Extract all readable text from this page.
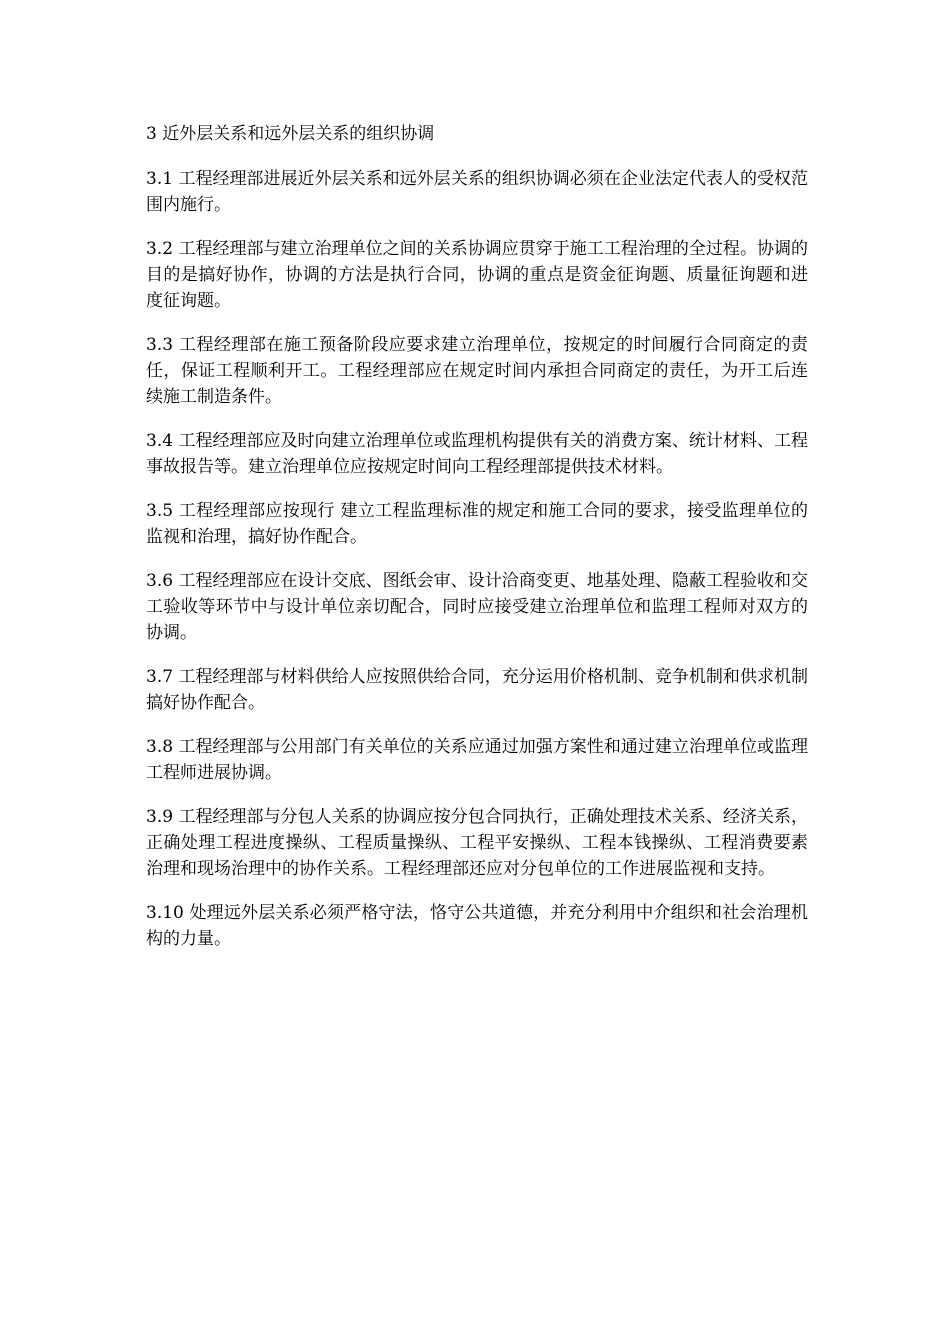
3 近外层关系和远外层关系的组织协调

3.1 工程经理部进展近外层关系和远外层关系的组织协调必须在企业法定代表人的受权范围内施行。

3.2 工程经理部与建立治理单位之间的关系协调应贯穿于施工工程治理的全过程。协调的目的是搞好协作，协调的方法是执行合同，协调的重点是资金征询题、质量征询题和进度征询题。

3.3 工程经理部在施工预备阶段应要求建立治理单位，按规定的时间履行合同商定的责任，保证工程顺利开工。工程经理部应在规定时间内承担合同商定的责任，为开工后连续施工制造条件。

3.4 工程经理部应及时向建立治理单位或监理机构提供有关的消费方案、统计材料、工程事故报告等。建立治理单位应按规定时间向工程经理部提供技术材料。

3.5 工程经理部应按现行 建立工程监理标准的规定和施工合同的要求，接受监理单位的监视和治理，搞好协作配合。

3.6 工程经理部应在设计交底、图纸会审、设计洽商变更、地基处理、隐蔽工程验收和交工验收等环节中与设计单位亲切配合，同时应接受建立治理单位和监理工程师对双方的协调。

3.7 工程经理部与材料供给人应按照供给合同，充分运用价格机制、竞争机制和供求机制搞好协作配合。

3.8 工程经理部与公用部门有关单位的关系应通过加强方案性和通过建立治理单位或监理工程师进展协调。

3.9 工程经理部与分包人关系的协调应按分包合同执行，正确处理技术关系、经济关系，正确处理工程进度操纵、工程质量操纵、工程平安操纵、工程本钱操纵、工程消费要素治理和现场治理中的协作关系。工程经理部还应对分包单位的工作进展监视和支持。

3.10 处理远外层关系必须严格守法，恪守公共道德，并充分利用中介组织和社会治理机构的力量。
